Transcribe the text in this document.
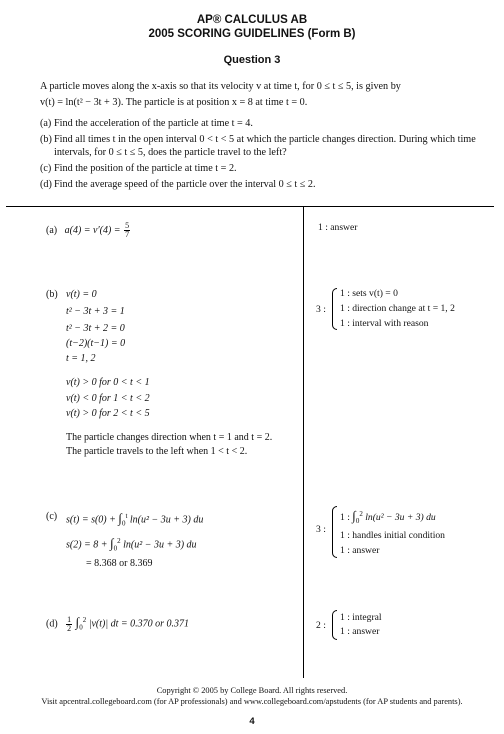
AP® CALCULUS AB
2005 SCORING GUIDELINES (Form B)
Question 3
A particle moves along the x-axis so that its velocity v at time t, for 0 ≤ t ≤ 5, is given by
v(t) = ln(t² − 3t + 3). The particle is at position x = 8 at time t = 0.
(a) Find the acceleration of the particle at time t = 4.
(b) Find all times t in the open interval 0 < t < 5 at which the particle changes direction. During which time intervals, for 0 ≤ t ≤ 5, does the particle travel to the left?
(c) Find the position of the particle at time t = 2.
(d) Find the average speed of the particle over the interval 0 ≤ t ≤ 2.
(a) $a(4) = v'(4) = \frac{5}{7}$	1 : answer
(b) v(t) = 0
t² − 3t + 3 = 1
t² − 3t + 2 = 0
(t−2)(t−1) = 0
t = 1, 2
v(t) > 0 for 0 < t < 1
v(t) < 0 for 1 < t < 2
v(t) > 0 for 2 < t < 5
The particle changes direction when t = 1 and t = 2.
The particle travels to the left when 1 < t < 2.
3 :
1 : sets v(t) = 0
1 : direction change at t = 1, 2
1 : interval with reason
(c) $s(t) = s(0) + \int_0^t$ ln(u² − 3u + 3) du
$s(2) = 8 + \int_0^2$ ln(u² − 3u + 3) du
= 8.368 or 8.369
3 :
1 : $\int_0^2$ ln(u² − 3u + 3) du
1 : handles initial condition
1 : answer
$(d) \frac{1}{2} \int_0^2$ |v(t)| dt = 0.370 or 0.371	2 :
1 : integral
1 : answer
Copyright © 2005 by College Board. All rights reserved.
Visit apcentral.collegeboard.com (for AP professionals) and www.collegeboard.com/apstudents (for AP students and parents).
4
